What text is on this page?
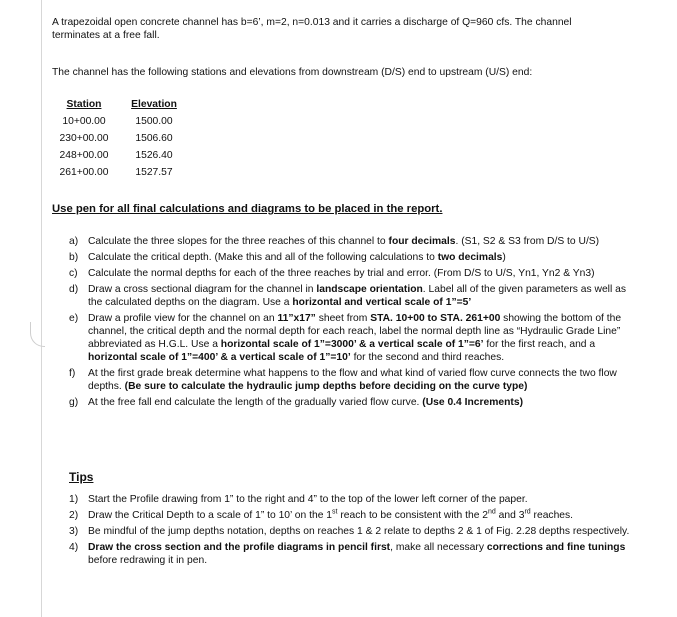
A trapezoidal open concrete channel has b=6’, m=2, n=0.013 and it carries a discharge of Q=960 cfs. The channel

terminates at a free fall.

The channel has the following stations and elevations from downstream (D/S) end to upstream (U/S) end:
Station	Elevation
10+00.00	1500.00
230+00.00	1506.60
248+00.00	1526.40
261+00.00	1527.57
Use pen for all final calculations and diagrams to be placed in the report.
a) Calculate the three slopes for the three reaches of this channel to four decimals. (S1, S2 & S3 from D/S to U/S)
b) Calculate the critical depth. (Make this and all of the following calculations to two decimals)
c) Calculate the normal depths for each of the three reaches by trial and error. (From D/S to U/S, Yn1, Yn2 & Yn3)
d) Draw a cross sectional diagram for the channel in landscape orientation. Label all of the given parameters as well as the calculated depths on the diagram. Use a horizontal and vertical scale of 1”=5’
e) Draw a profile view for the channel on an 11”x17” sheet from STA. 10+00 to STA. 261+00 showing the bottom of the channel, the critical depth and the normal depth for each reach, label the normal depth line as “Hydraulic Grade Line” abbreviated as H.G.L. Use a horizontal scale of 1”=3000’ & a vertical scale of 1”=6’ for the first reach, and a horizontal scale of 1”=400’ & a vertical scale of 1”=10’ for the second and third reaches.
f) At the first grade break determine what happens to the flow and what kind of varied flow curve connects the two flow depths. (Be sure to calculate the hydraulic jump depths before deciding on the curve type)
g) At the free fall end calculate the length of the gradually varied flow curve. (Use 0.4 Increments)
Tips
1) Start the Profile drawing from 1” to the right and 4” to the top of the lower left corner of the paper.
2) Draw the Critical Depth to a scale of 1” to 10’ on the 1st reach to be consistent with the 2nd and 3rd reaches.
3) Be mindful of the jump depths notation, depths on reaches 1 & 2 relate to depths 2 & 1 of Fig. 2.28 depths respectively.
4) Draw the cross section and the profile diagrams in pencil first, make all necessary corrections and fine tunings before redrawing it in pen.
